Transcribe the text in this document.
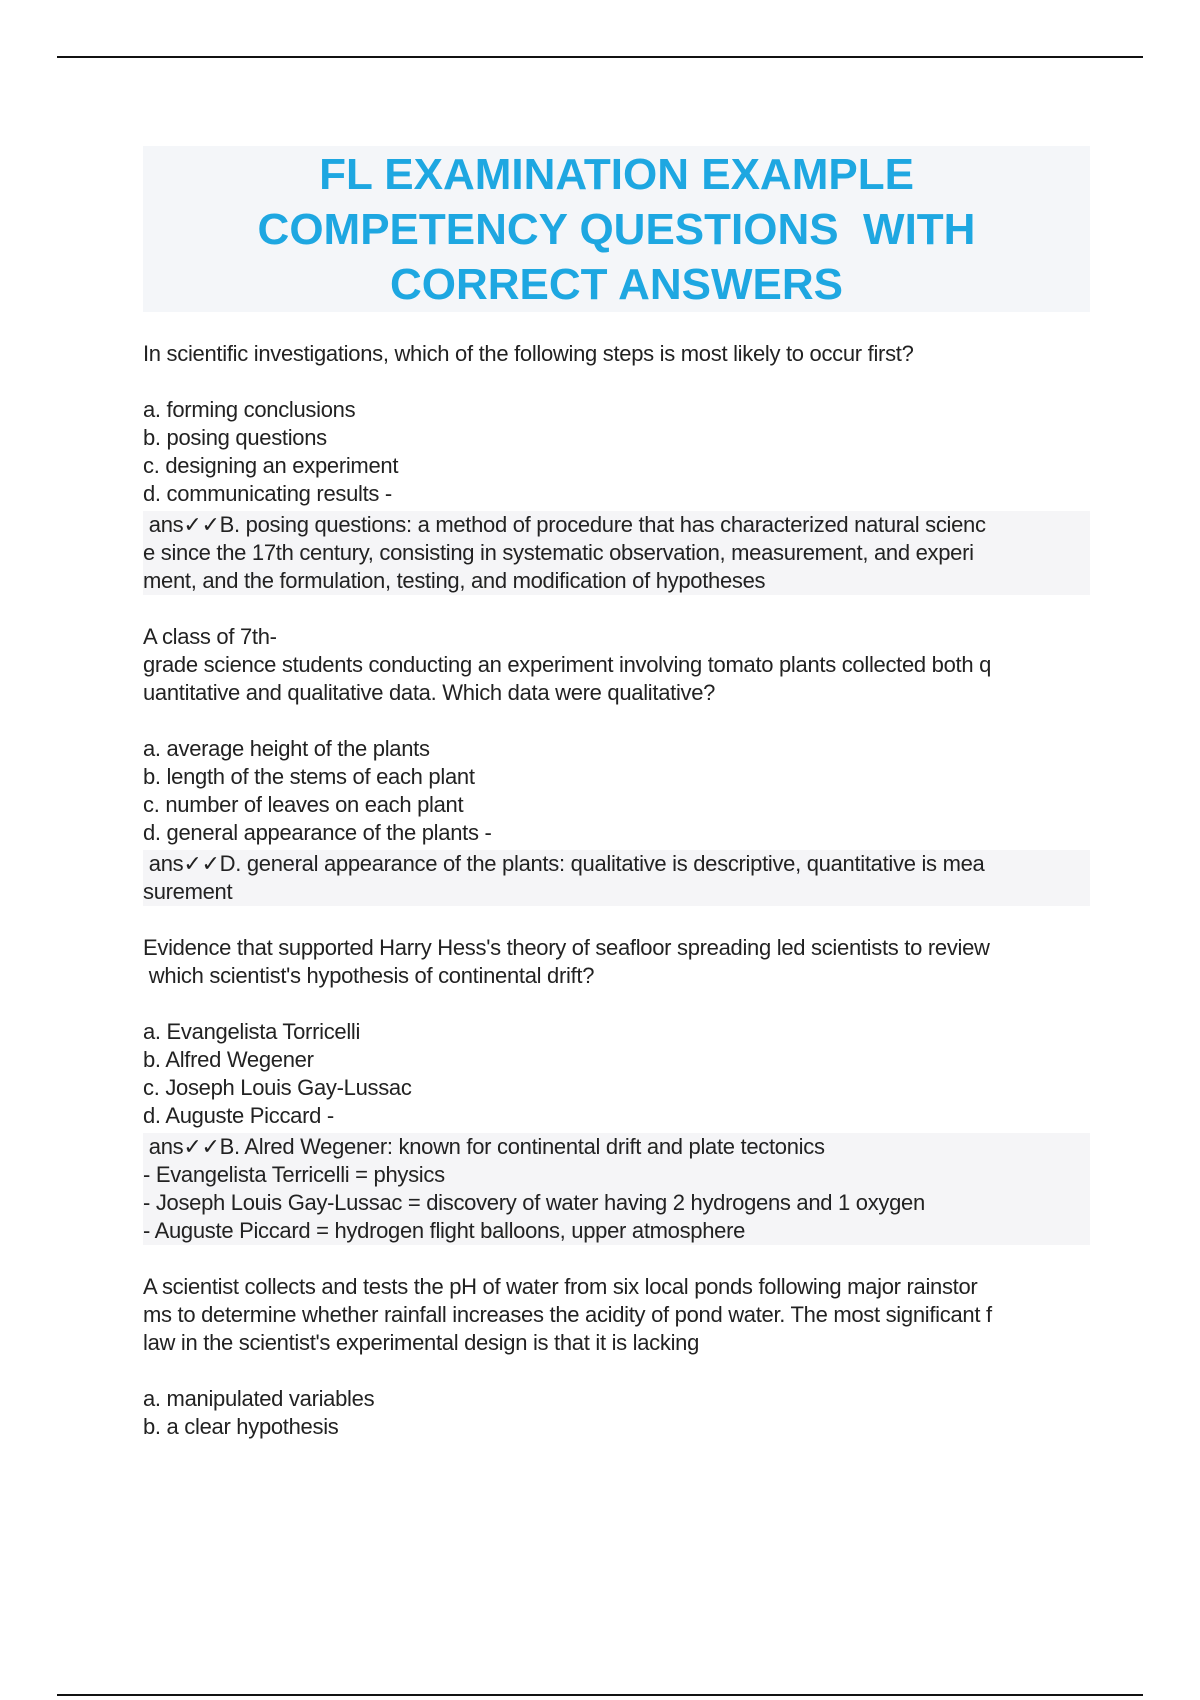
FL EXAMINATION EXAMPLE
COMPETENCY QUESTIONS  WITH
CORRECT ANSWERS
In scientific investigations, which of the following steps is most likely to occur first?
a. forming conclusions
b. posing questions
c. designing an experiment
d. communicating results -
ans✓✓B. posing questions: a method of procedure that has characterized natural scienc
e since the 17th century, consisting in systematic observation, measurement, and experi
ment, and the formulation, testing, and modification of hypotheses
A class of 7th-
grade science students conducting an experiment involving tomato plants collected both q
uantitative and qualitative data. Which data were qualitative?
a. average height of the plants
b. length of the stems of each plant
c. number of leaves on each plant
d. general appearance of the plants -
ans✓✓D. general appearance of the plants: qualitative is descriptive, quantitative is mea
surement
Evidence that supported Harry Hess's theory of seafloor spreading led scientists to review
which scientist's hypothesis of continental drift?
a. Evangelista Torricelli
b. Alfred Wegener
c. Joseph Louis Gay-Lussac
d. Auguste Piccard -
ans✓✓B. Alred Wegener: known for continental drift and plate tectonics
- Evangelista Terricelli = physics
- Joseph Louis Gay-Lussac = discovery of water having 2 hydrogens and 1 oxygen
- Auguste Piccard = hydrogen flight balloons, upper atmosphere
A scientist collects and tests the pH of water from six local ponds following major rainstor
ms to determine whether rainfall increases the acidity of pond water. The most significant f
law in the scientist's experimental design is that it is lacking
a. manipulated variables
b. a clear hypothesis
